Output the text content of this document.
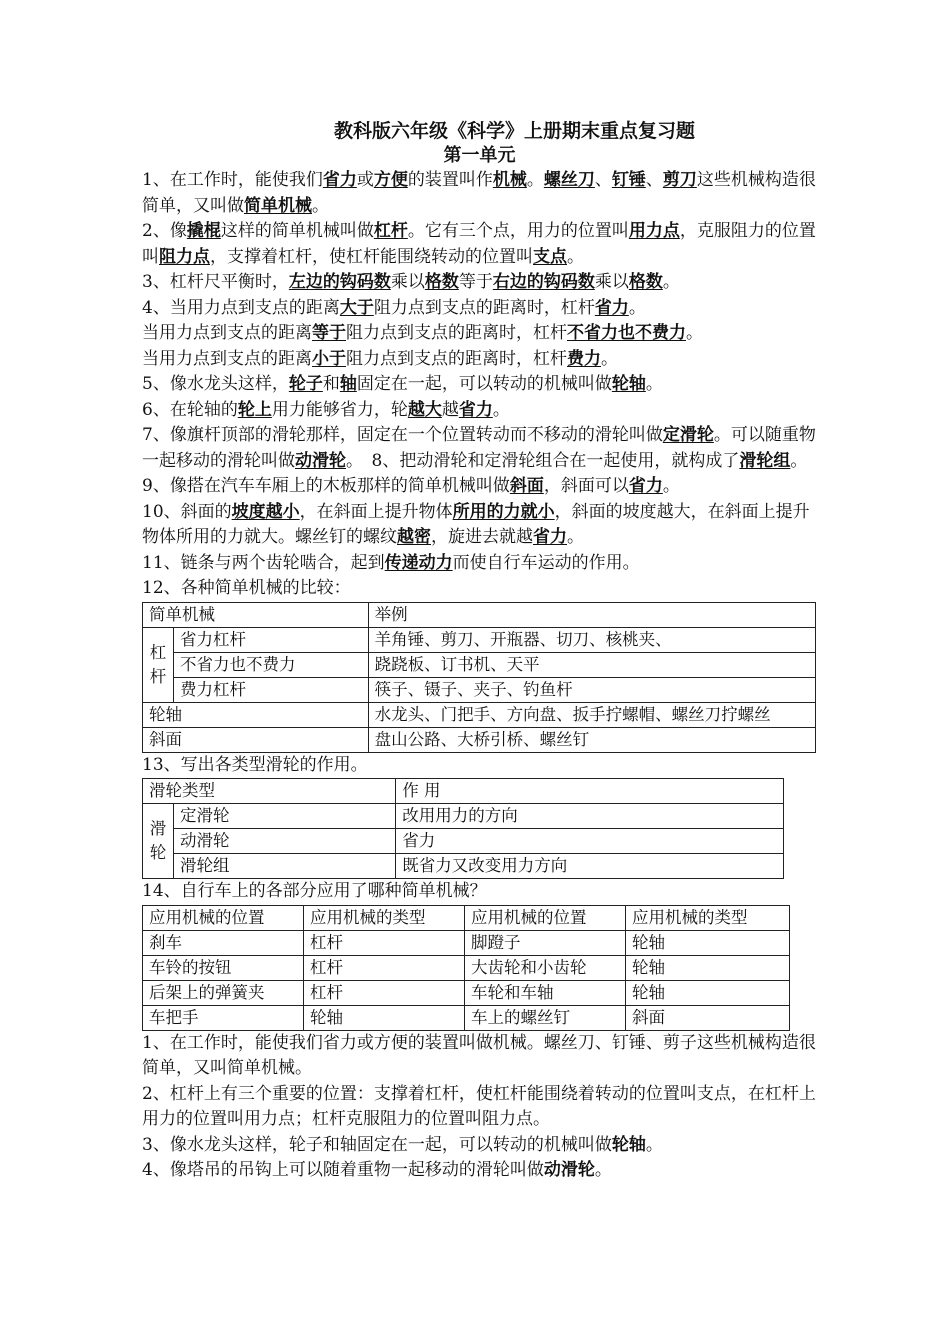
教科版六年级《科学》上册期末重点复习题
第一单元

1、在工作时，能使我们省力或方便的装置叫作机械。螺丝刀、钉锤、剪刀这些机械构造很简单，又叫做简单机械。

2、像撬棍这样的简单机械叫做杠杆。它有三个点，用力的位置叫用力点，克服阻力的位置叫阻力点，支撑着杠杆，使杠杆能围绕转动的位置叫支点。

3、杠杆尺平衡时，左边的钩码数乘以格数等于右边的钩码数乘以格数。

4、当用力点到支点的距离大于阻力点到支点的距离时，杠杆省力。

当用力点到支点的距离等于阻力点到支点的距离时，杠杆不省力也不费力。

当用力点到支点的距离小于阻力点到支点的距离时，杠杆费力。

5、像水龙头这样，轮子和轴固定在一起，可以转动的机械叫做轮轴。

6、在轮轴的轮上用力能够省力，轮越大越省力。

7、像旗杆顶部的滑轮那样，固定在一个位置转动而不移动的滑轮叫做定滑轮。可以随重物一起移动的滑轮叫做动滑轮。　8、把动滑轮和定滑轮组合在一起使用，就构成了滑轮组。

9、像搭在汽车车厢上的木板那样的简单机械叫做斜面，斜面可以省力。

10、斜面的坡度越小，在斜面上提升物体所用的力就小，斜面的坡度越大，在斜面上提升物体所用的力就大。螺丝钉的螺纹越密，旋进去就越省力。

11、链条与两个齿轮啮合，起到传递动力而使自行车运动的作用。

12、各种简单机械的比较：

简单机械		举例
杠杆	省力杠杆	羊角锤、剪刀、开瓶器、切刀、核桃夹、
	不省力也不费力	跷跷板、订书机、天平
	费力杠杆	筷子、镊子、夹子、钓鱼杆
轮轴		水龙头、门把手、方向盘、扳手拧螺帽、螺丝刀拧螺丝
斜面		盘山公路、大桥引桥、螺丝钉

13、写出各类型滑轮的作用。

滑轮类型		作 用
滑轮	定滑轮	改用用力的方向
	动滑轮	省力
	滑轮组	既省力又改变用力方向

14、自行车上的各部分应用了哪种简单机械？

应用机械的位置	应用机械的类型	应用机械的位置	应用机械的类型
刹车	杠杆	脚蹬子	轮轴
车铃的按钮	杠杆	大齿轮和小齿轮	轮轴
后架上的弹簧夹	杠杆	车轮和车轴	轮轴
车把手	轮轴	车上的螺丝钉	斜面

1、在工作时，能使我们省力或方便的装置叫做机械。螺丝刀、钉锤、剪子这些机械构造很简单，又叫简单机械。

2、杠杆上有三个重要的位置：支撑着杠杆，使杠杆能围绕着转动的位置叫支点，在杠杆上用力的位置叫用力点；杠杆克服阻力的位置叫阻力点。

3、像水龙头这样，轮子和轴固定在一起，可以转动的机械叫做轮轴。

4、像塔吊的吊钩上可以随着重物一起移动的滑轮叫做动滑轮。
